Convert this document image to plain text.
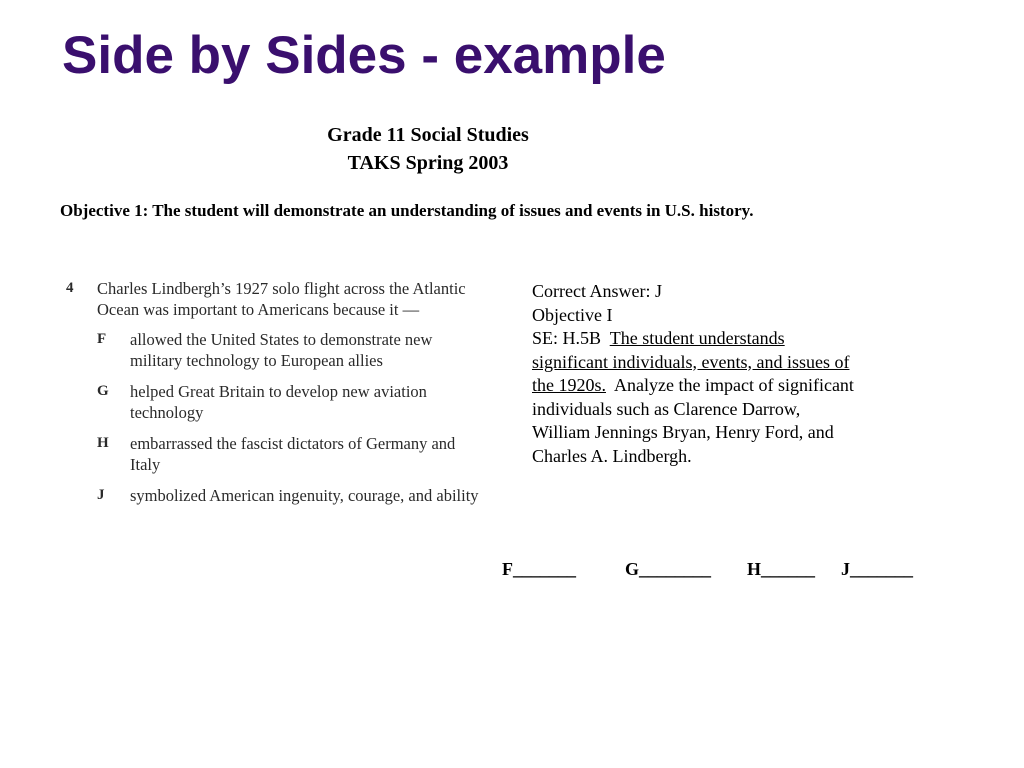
Side by Sides - example
Grade 11 Social Studies
TAKS Spring 2003
Objective 1: The student will demonstrate an understanding of issues and events in U.S. history.
4	Charles Lindbergh’s 1927 solo flight across the Atlantic Ocean was important to Americans because it —
F	allowed the United States to demonstrate new military technology to European allies
G	helped Great Britain to develop new aviation technology
H	embarrassed the fascist dictators of Germany and Italy
J	symbolized American ingenuity, courage, and ability
Correct Answer: J
Objective I
SE: H.5B The student understands significant individuals, events, and issues of the 1920s. Analyze the impact of significant individuals such as Clarence Darrow, William Jennings Bryan, Henry Ford, and Charles A. Lindbergh.
F_______	G________	H______	J_______
